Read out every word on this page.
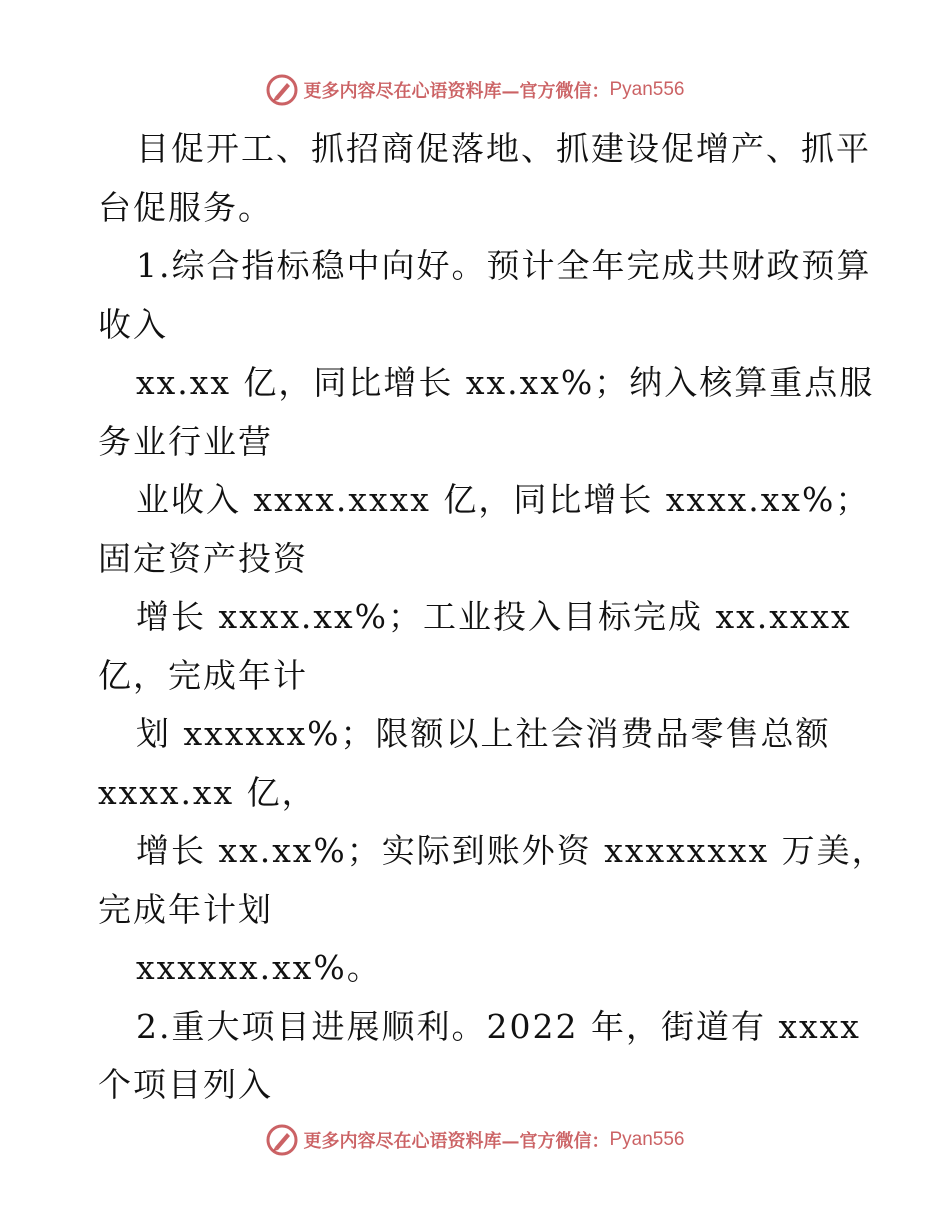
更多内容尽在心语资料库—官方微信： Pyan556
目促开工、抓招商促落地、抓建设促增产、抓平
台促服务。
1.综合指标稳中向好。预计全年完成共财政预算
收入
xx.xx 亿，同比增长 xx.xx%；纳入核算重点服
务业行业营
业收入 xxxx.xxxx 亿，同比增长 xxxx.xx%；
固定资产投资
增长 xxxx.xx%；工业投入目标完成 xx.xxxx
亿，完成年计
划 xxxxxx%；限额以上社会消费品零售总额
xxxx.xx 亿，
增长 xx.xx%；实际到账外资 xxxxxxxx 万美，
完成年计划
xxxxxx.xx%。
2.重大项目进展顺利。2022 年，街道有 xxxx
个项目列入
更多内容尽在心语资料库—官方微信： Pyan556
